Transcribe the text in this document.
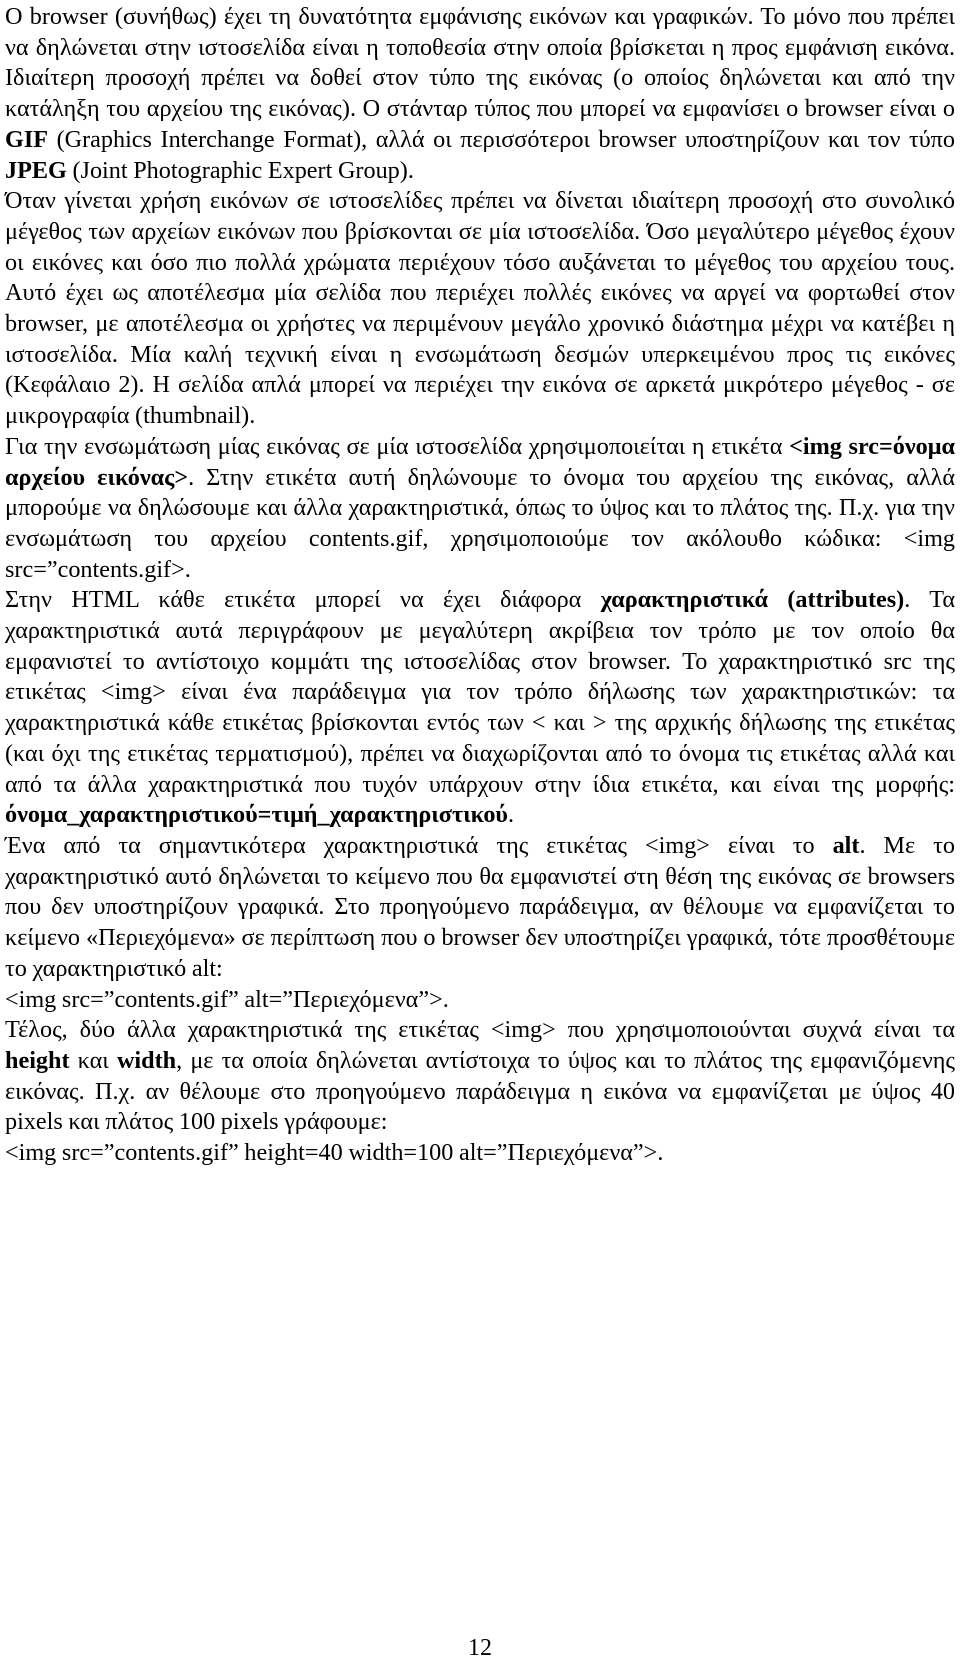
O browser (συνήθως) έχει τη δυνατότητα εμφάνισης εικόνων και γραφικών. Το μόνο που πρέπει να δηλώνεται στην ιστοσελίδα είναι η τοποθεσία στην οποία βρίσκεται η προς εμφάνιση εικόνα. Ιδιαίτερη προσοχή πρέπει να δοθεί στον τύπο της εικόνας (ο οποίος δηλώνεται και από την κατάληξη του αρχείου της εικόνας). Ο στάνταρ τύπος που μπορεί να εμφανίσει ο browser είναι ο GIF (Graphics Interchange Format), αλλά οι περισσότεροι browser υποστηρίζουν και τον τύπο JPEG (Joint Photographic Expert Group).

Όταν γίνεται χρήση εικόνων σε ιστοσελίδες πρέπει να δίνεται ιδιαίτερη προσοχή στο συνολικό μέγεθος των αρχείων εικόνων που βρίσκονται σε μία ιστοσελίδα. Όσο μεγαλύτερο μέγεθος έχουν οι εικόνες και όσο πιο πολλά χρώματα περιέχουν τόσο αυξάνεται το μέγεθος του αρχείου τους. Αυτό έχει ως αποτέλεσμα μία σελίδα που περιέχει πολλές εικόνες να αργεί να φορτωθεί στον browser, με αποτέλεσμα οι χρήστες να περιμένουν μεγάλο χρονικό διάστημα μέχρι να κατέβει η ιστοσελίδα. Μία καλή τεχνική είναι η ενσωμάτωση δεσμών υπερκειμένου προς τις εικόνες (Κεφάλαιο 2). Η σελίδα απλά μπορεί να περιέχει την εικόνα σε αρκετά μικρότερο μέγεθος - σε μικρογραφία (thumbnail).

Για την ενσωμάτωση μίας εικόνας σε μία ιστοσελίδα χρησιμοποιείται η ετικέτα <img src=όνομα αρχείου εικόνας>. Στην ετικέτα αυτή δηλώνουμε το όνομα του αρχείου της εικόνας, αλλά μπορούμε να δηλώσουμε και άλλα χαρακτηριστικά, όπως το ύψος και το πλάτος της. Π.χ. για την ενσωμάτωση του αρχείου contents.gif, χρησιμοποιούμε τον ακόλουθο κώδικα: <img src=”contents.gif>.

Στην HTML κάθε ετικέτα μπορεί να έχει διάφορα χαρακτηριστικά (attributes). Τα χαρακτηριστικά αυτά περιγράφουν με μεγαλύτερη ακρίβεια τον τρόπο με τον οποίο θα εμφανιστεί το αντίστοιχο κομμάτι της ιστοσελίδας στον browser. Το χαρακτηριστικό src της ετικέτας <img> είναι ένα παράδειγμα για τον τρόπο δήλωσης των χαρακτηριστικών: τα χαρακτηριστικά κάθε ετικέτας βρίσκονται εντός των < και > της αρχικής δήλωσης της ετικέτας (και όχι της ετικέτας τερματισμού), πρέπει να διαχωρίζονται από το όνομα τις ετικέτας αλλά και από τα άλλα χαρακτηριστικά που τυχόν υπάρχουν στην ίδια ετικέτα, και είναι της μορφής: όνομα_χαρακτηριστικού=τιμή_χαρακτηριστικού.

Ένα από τα σημαντικότερα χαρακτηριστικά της ετικέτας <img> είναι το alt. Με το χαρακτηριστικό αυτό δηλώνεται το κείμενο που θα εμφανιστεί στη θέση της εικόνας σε browsers που δεν υποστηρίζουν γραφικά. Στο προηγούμενο παράδειγμα, αν θέλουμε να εμφανίζεται το κείμενο «Περιεχόμενα» σε περίπτωση που ο browser δεν υποστηρίζει γραφικά, τότε προσθέτουμε το χαρακτηριστικό alt:

<img src=”contents.gif” alt=”Περιεχόμενα”>.

Τέλος, δύο άλλα χαρακτηριστικά της ετικέτας <img> που χρησιμοποιούνται συχνά είναι τα height και width, με τα οποία δηλώνεται αντίστοιχα το ύψος και το πλάτος της εμφανιζόμενης εικόνας. Π.χ. αν θέλουμε στο προηγούμενο παράδειγμα η εικόνα να εμφανίζεται με ύψος 40 pixels και πλάτος 100 pixels γράφουμε:

<img src=”contents.gif” height=40 width=100 alt=”Περιεχόμενα”>.

12
